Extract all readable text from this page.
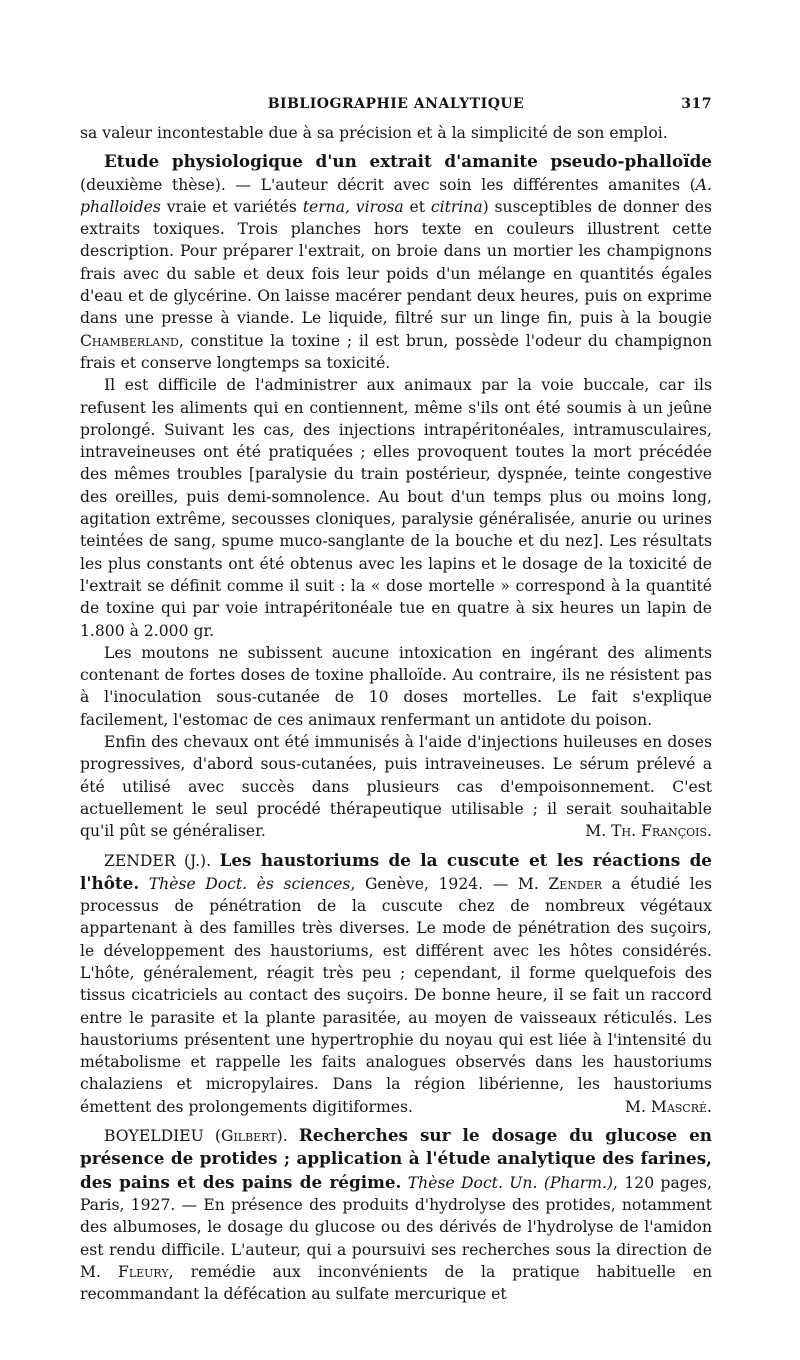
BIBLIOGRAPHIE ANALYTIQUE	317

sa valeur incontestable due à sa précision et à la simplicité de son emploi.

Etude physiologique d'un extrait d'amanite pseudo-phalloïde (deuxième thèse). — L'auteur décrit avec soin les différentes amanites (A. phalloides vraie et variétés terna, virosa et citrina) susceptibles de donner des extraits toxiques. Trois planches hors texte en couleurs illustrent cette description. Pour préparer l'extrait, on broie dans un mortier les champignons frais avec du sable et deux fois leur poids d'un mélange en quantités égales d'eau et de glycérine. On laisse macérer pendant deux heures, puis on exprime dans une presse à viande. Le liquide, filtré sur un linge fin, puis à la bougie Chamberland, constitue la toxine ; il est brun, possède l'odeur du champignon frais et conserve longtemps sa toxicité.

Il est difficile de l'administrer aux animaux par la voie buccale, car ils refusent les aliments qui en contiennent, même s'ils ont été soumis à un jeûne prolongé. Suivant les cas, des injections intrapéritonéales, intramusculaires, intraveineuses ont été pratiquées ; elles provoquent toutes la mort précédée des mêmes troubles [paralysie du train postérieur, dyspnée, teinte congestive des oreilles, puis demi-somnolence. Au bout d'un temps plus ou moins long, agitation extrême, secousses cloniques, paralysie généralisée, anurie ou urines teintées de sang, spume muco-sanglante de la bouche et du nez]. Les résultats les plus constants ont été obtenus avec les lapins et le dosage de la toxicité de l'extrait se définit comme il suit : la « dose mortelle » correspond à la quantité de toxine qui par voie intrapéritonéale tue en quatre à six heures un lapin de 1.800 à 2.000 gr.

Les moutons ne subissent aucune intoxication en ingérant des aliments contenant de fortes doses de toxine phalloïde. Au contraire, ils ne résistent pas à l'inoculation sous-cutanée de 10 doses mortelles. Le fait s'explique facilement, l'estomac de ces animaux renfermant un antidote du poison.

Enfin des chevaux ont été immunisés à l'aide d'injections huileuses en doses progressives, d'abord sous-cutanées, puis intraveineuses. Le sérum prélevé a été utilisé avec succès dans plusieurs cas d'empoisonnement. C'est actuellement le seul procédé thérapeutique utilisable ; il serait souhaitable qu'il pût se généraliser.	M. Th. François.

ZENDER (J.). Les haustoriums de la cuscute et les réactions de l'hôte. Thèse Doct. ès sciences, Genève, 1924. — M. Zender a étudié les processus de pénétration de la cuscute chez de nombreux végétaux appartenant à des familles très diverses. Le mode de pénétration des suçoirs, le développement des haustoriums, est différent avec les hôtes considérés. L'hôte, généralement, réagit très peu ; cependant, il forme quelquefois des tissus cicatriciels au contact des suçoirs. De bonne heure, il se fait un raccord entre le parasite et la plante parasitée, au moyen de vaisseaux réticulés. Les haustoriums présentent une hypertrophie du noyau qui est liée à l'intensité du métabolisme et rappelle les faits analogues observés dans les haustoriums chalaziens et micropylaires. Dans la région libérienne, les haustoriums émettent des prolongements digitiformes.	M. Mascré.

BOYELDIEU (Gilbert). Recherches sur le dosage du glucose en présence de protides ; application à l'étude analytique des farines, des pains et des pains de régime. Thèse Doct. Un. (Pharm.), 120 pages, Paris, 1927. — En présence des produits d'hydrolyse des protides, notamment des albumoses, le dosage du glucose ou des dérivés de l'hydrolyse de l'amidon est rendu difficile. L'auteur, qui a poursuivi ses recherches sous la direction de M. Fleury, remédie aux inconvénients de la pratique habituelle en recommandant la défécation au sulfate mercurique et
